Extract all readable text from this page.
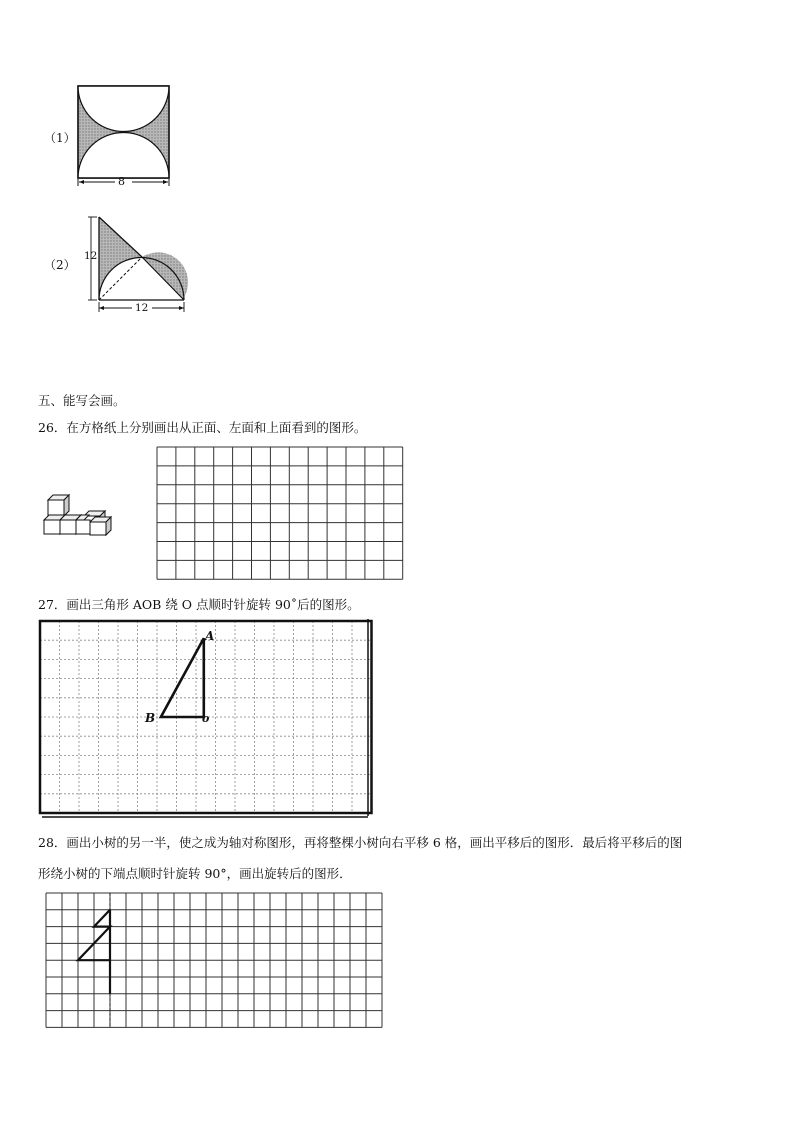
（1）
8
（2）
12
12
五、能写会画。
26．在方格纸上分别画出从正面、左面和上面看到的图形。
27．画出三角形 AOB 绕 O 点顺时针旋转 90˚后的图形。
A
B	o
28．画出小树的另一半，使之成为轴对称图形，再将整棵小树向右平移 6 格，画出平移后的图形．最后将平移后的图
形绕小树的下端点顺时针旋转 90°，画出旋转后的图形．
